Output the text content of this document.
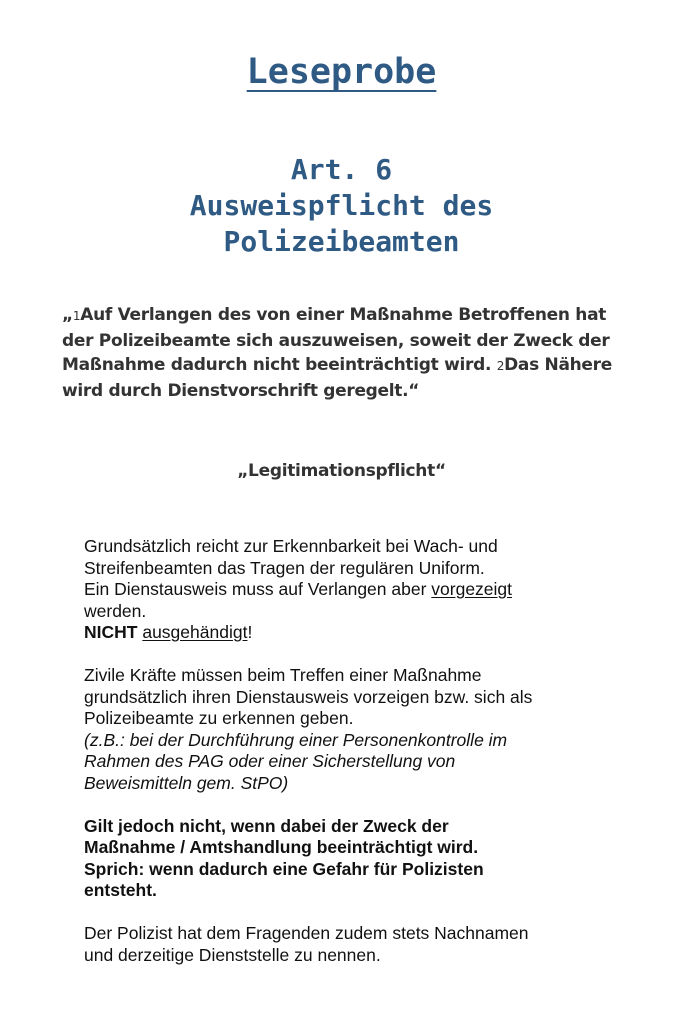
Leseprobe
Art. 6
Ausweispflicht des
Polizeibeamten
„1Auf Verlangen des von einer Maßnahme Betroffenen hat
der Polizeibeamte sich auszuweisen, soweit der Zweck der
Maßnahme dadurch nicht beeinträchtigt wird. 2Das Nähere
wird durch Dienstvorschrift geregelt.“
„Legitimationspflicht“
Grundsätzlich reicht zur Erkennbarkeit bei Wach- und
Streifenbeamten das Tragen der regulären Uniform.
Ein Dienstausweis muss auf Verlangen aber vorgezeigt
werden.
NICHT ausgehändigt!
Zivile Kräfte müssen beim Treffen einer Maßnahme
grundsätzlich ihren Dienstausweis vorzeigen bzw. sich als
Polizeibeamte zu erkennen geben.
(z.B.: bei der Durchführung einer Personenkontrolle im
Rahmen des PAG oder einer Sicherstellung von
Beweismitteln gem. StPO)
Gilt jedoch nicht, wenn dabei der Zweck der
Maßnahme / Amtshandlung beeinträchtigt wird.
Sprich: wenn dadurch eine Gefahr für Polizisten
entsteht.
Der Polizist hat dem Fragenden zudem stets Nachnamen
und derzeitige Dienststelle zu nennen.
